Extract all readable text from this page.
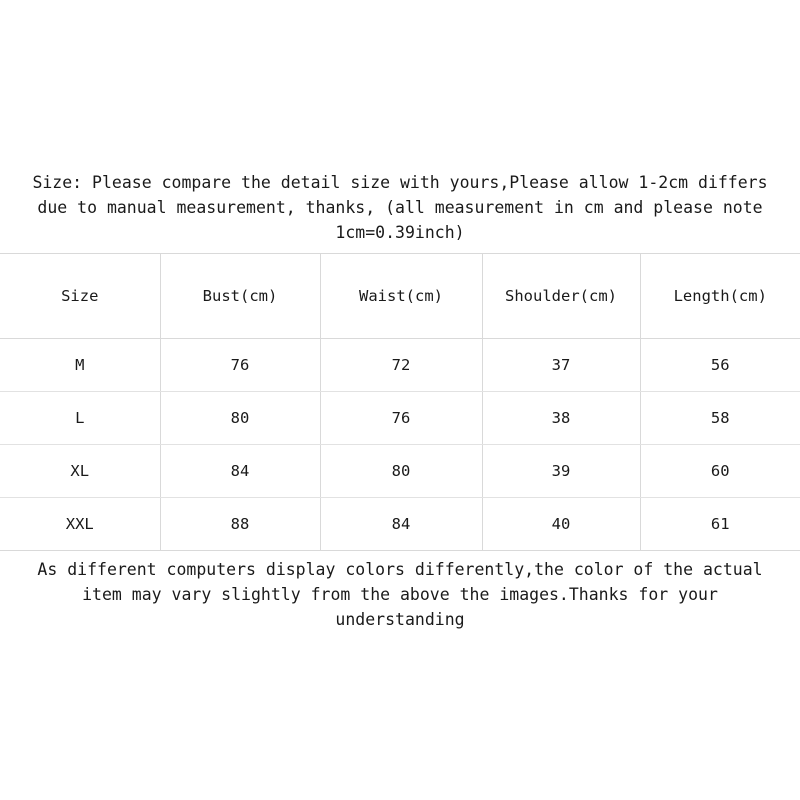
Size: Please compare the detail size with yours,Please allow 1-2cm differs
due to manual measurement, thanks, (all measurement in cm and please note
1cm=0.39inch)
Size	Bust(cm)	Waist(cm)	Shoulder(cm)	Length(cm)
M	76	72	37	56
L	80	76	38	58
XL	84	80	39	60
XXL	88	84	40	61
As different computers display colors differently,the color of the actual
item may vary slightly from the above the images.Thanks for your
understanding
